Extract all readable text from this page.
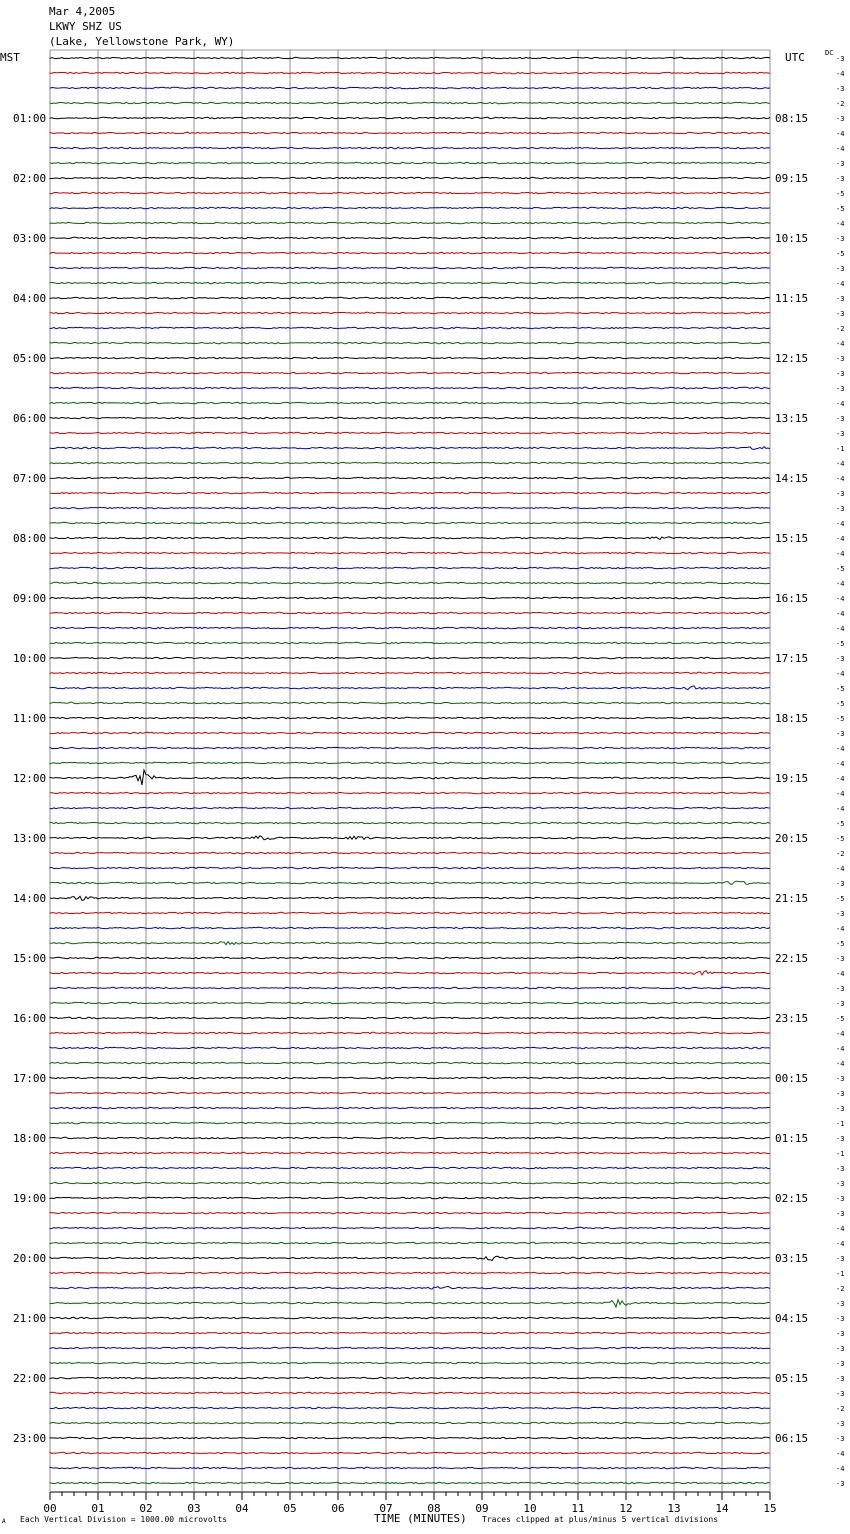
Mar 4,2005
LKWY SHZ US
(Lake, Yellowstone Park, WY)
MST	UTC	DC
00	01	02	03	04	05	06	07	08	09	10	11	12	13	14	15
-3
-4
-3
-2
-3
-4
-4
-3
-3
-5
-5
-4
-3
-5
-3
-4
-3
-3
-2
-4
-3
-3
-3
-4
-3
-3
-1
-4
-4
-3
-3
-4
-4
-4
-5
-4
-4
-4
-4
-5
-3
-4
-5
-5
-5
-3
-4
-4
-4
-4
-4
-5
-5
-2
-4
-3
-5
-3
-4
-5
-3
-4
-3
-3
-5
-4
-4
-4
-3
-3
-3
-1
-3
-1
-3
-3
-3
-3
-4
-4
-3
-1
-2
-3
-3
-3
-3
-3
-3
-3
-2
-3
-3
-4
-4
-3
01:00
02:00
03:00
04:00
05:00
06:00
07:00
08:00
09:00
10:00
11:00
12:00
13:00
14:00
15:00
16:00
17:00
18:00
19:00
20:00
21:00
22:00
23:00
08:15
09:15
10:15
11:15
12:15
13:15
14:15
15:15
16:15
17:15
18:15
19:15
20:15
21:15
22:15
23:15
00:15
01:15
02:15
03:15
04:15
05:15
06:15
A Each Vertical Division = 1000.00 microvolts	TIME (MINUTES) Traces clipped at plus/minus 5 vertical divisions
